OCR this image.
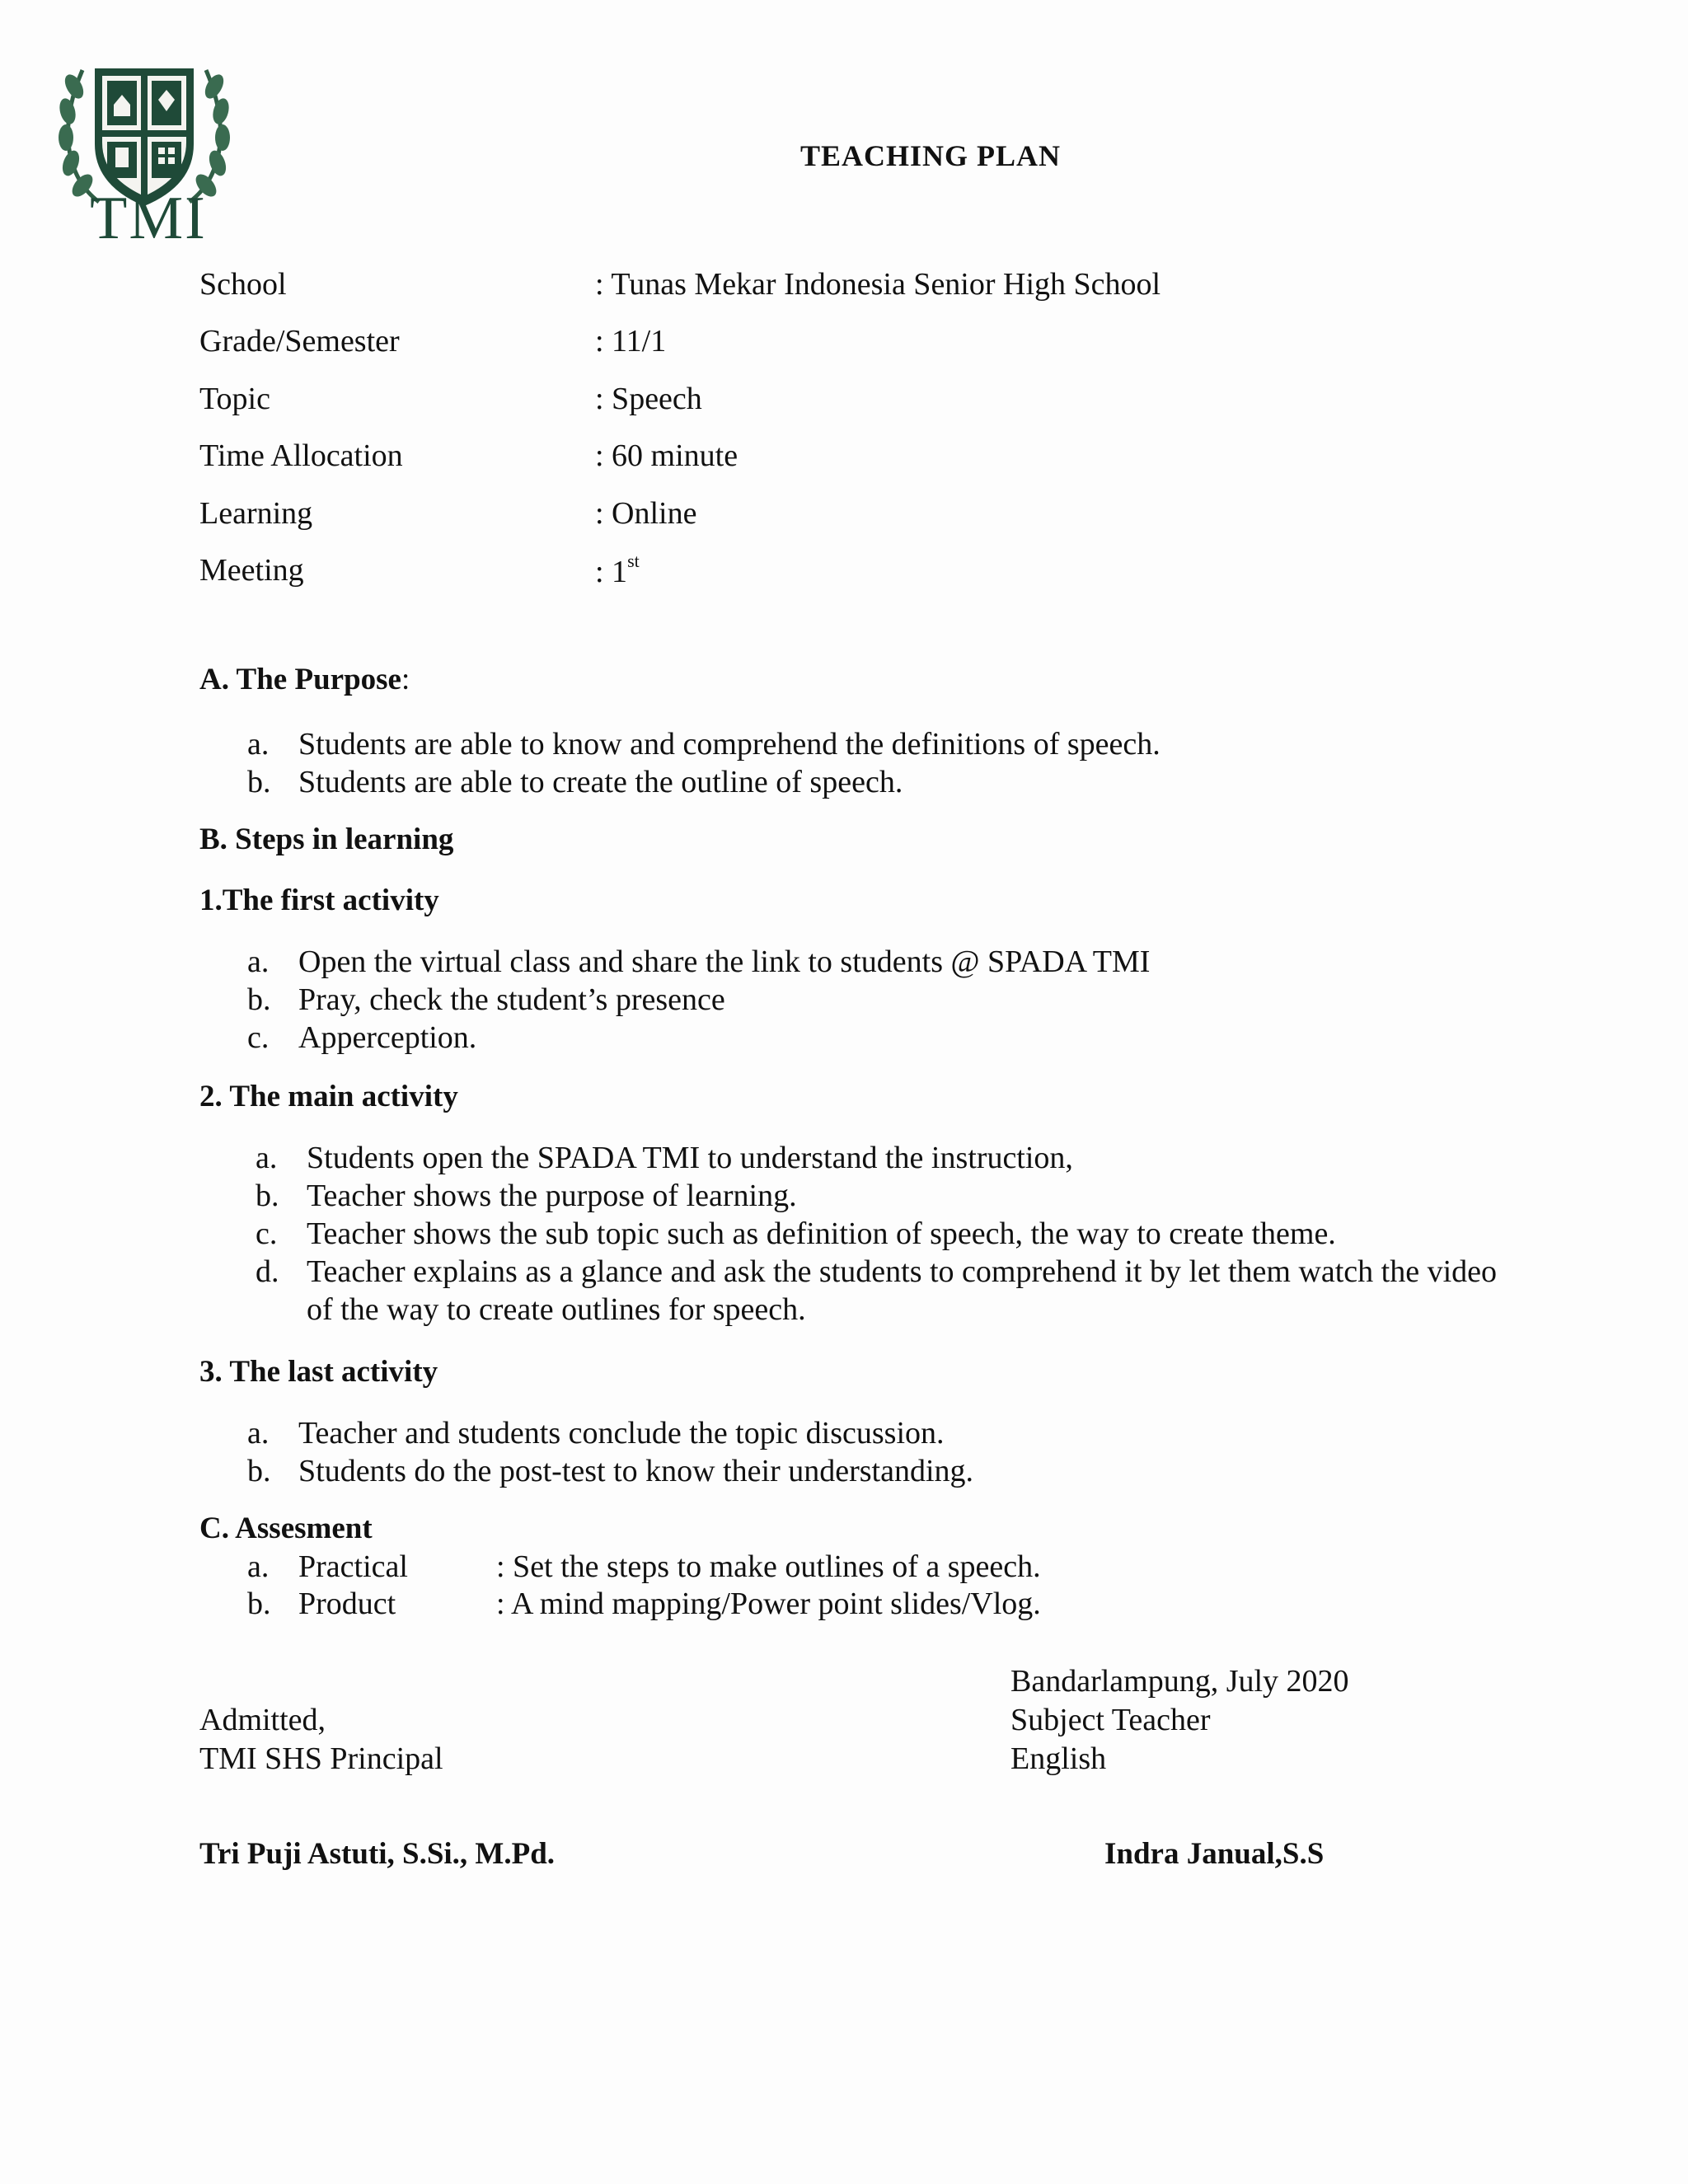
TMI
TEACHING PLAN
School	: Tunas Mekar Indonesia Senior High School
Grade/Semester	: 11/1
Topic	: Speech
Time Allocation	: 60 minute
Learning	: Online
Meeting	: 1st
A. The Purpose:
a. Students are able to know and comprehend the definitions of speech.
b. Students are able to create the outline of speech.
B. Steps in learning
1.The first activity
a. Open the virtual class and share the link to students @ SPADA TMI
b. Pray, check the student’s presence
c. Apperception.
2. The main activity
a. Students open the SPADA TMI to understand the instruction,
b. Teacher shows the purpose of learning.
c. Teacher shows the sub topic such as definition of speech, the way to create theme.
d. Teacher explains as a glance and ask the students to comprehend it by let them watch the video of the way to create outlines for speech.
3. The last activity
a. Teacher and students conclude the topic discussion.
b. Students do the post-test to know their understanding.
C. Assesment
a. Practical	: Set the steps to make outlines of a speech.
b. Product	: A mind mapping/Power point slides/Vlog.
Bandarlampung, July 2020
Subject Teacher
English
Admitted,
TMI SHS Principal
Tri Puji Astuti, S.Si., M.Pd.	Indra Janual,S.S
